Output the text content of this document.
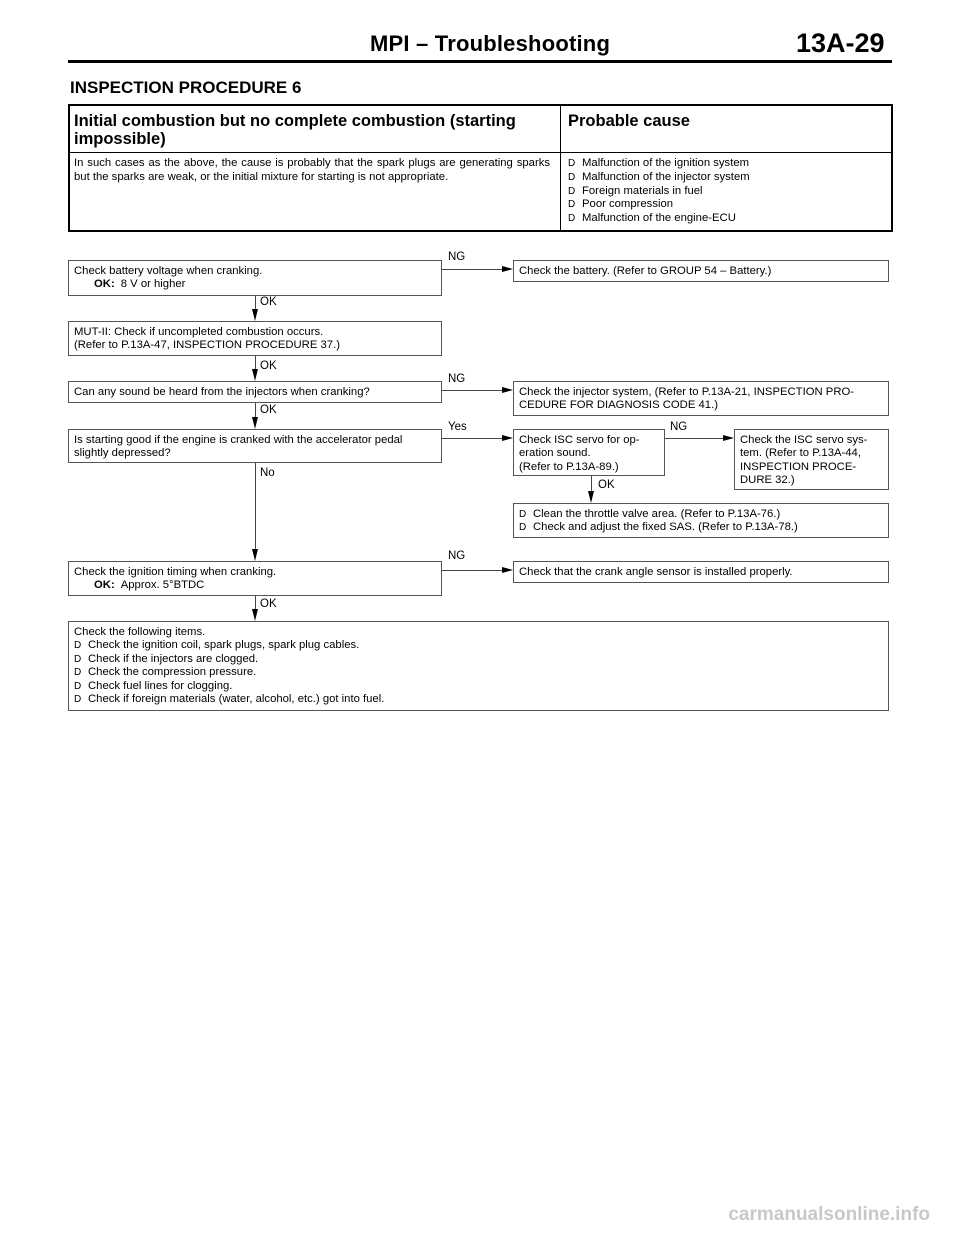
MPI – Troubleshooting	13A-29
INSPECTION PROCEDURE 6
Initial combustion but no complete combustion (starting impossible)
Probable cause
In such cases as the above, the cause is probably that the spark plugs are generating sparks but the sparks are weak, or the initial mixture for starting is not appropriate.
D Malfunction of the ignition system
D Malfunction of the injector system
D Foreign materials in fuel
D Poor compression
D Malfunction of the engine-ECU
Check battery voltage when cranking.
OK: 8 V or higher
Check the battery. (Refer to GROUP 54 – Battery.)
MUT-II: Check if uncompleted combustion occurs.
(Refer to P.13A-47, INSPECTION PROCEDURE 37.)
Can any sound be heard from the injectors when cranking?	Check the injector system, (Refer to P.13A-21, INSPECTION PRO-
CEDURE FOR DIAGNOSIS CODE 41.)
Is starting good if the engine is cranked with the accelerator pedal
slightly depressed?
Check ISC servo for op-
eration sound.
(Refer to P.13A-89.)
Check the ISC servo sys-
tem. (Refer to P.13A-44,
INSPECTION PROCE-
DURE 32.)
D Clean the throttle valve area. (Refer to P.13A-76.)
D Check and adjust the fixed SAS. (Refer to P.13A-78.)
Check the ignition timing when cranking.
OK: Approx. 5°BTDC
Check that the crank angle sensor is installed properly.
Check the following items.
D Check the ignition coil, spark plugs, spark plug cables.
D Check if the injectors are clogged.
D Check the compression pressure.
D Check fuel lines for clogging.
D Check if foreign materials (water, alcohol, etc.) got into fuel.
NG
OK
OK
NG
OK
Yes	NG
No
OK
NG
OK
carmanualsonline.info
